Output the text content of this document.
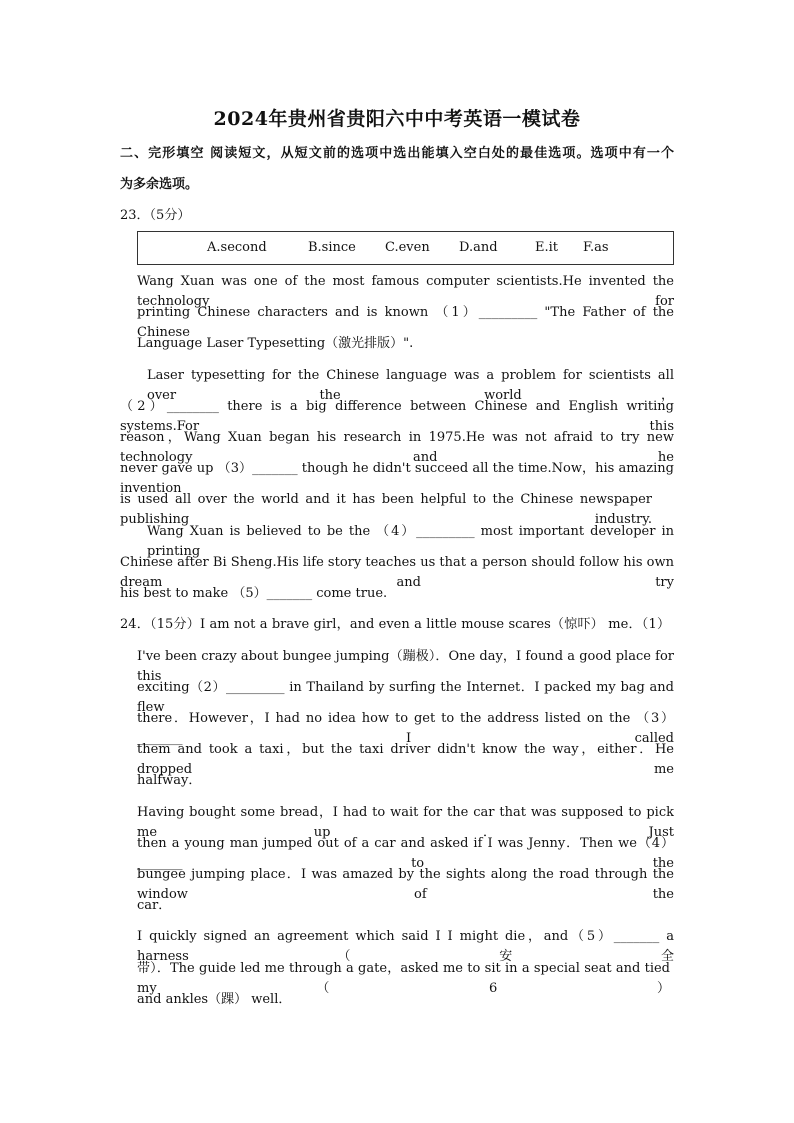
2024年贵州省贵阳六中中考英语一模试卷
二、完形填空 阅读短文，从短文前的选项中选出能填入空白处的最佳选项。选项中有一个
为多余选项。
23．（5分）
A.second	B.since C.even D.and	E.it F.as
Wang Xuan was one of the most famous computer scientists.He invented the technology for
printing Chinese characters and is known （1）_________ "The Father of the Chinese
Language Laser Typesetting（激光排版）".
Laser typesetting for the Chinese language was a problem for scientists all over the world，
（2）________ there is a big difference between Chinese and English writing systems.For this
reason，Wang Xuan began his research in 1975.He was not afraid to try new technology and he
never gave up （3）_______ though he didn't succeed all the time.Now，his amazing invention
is used all over the world and it has been helpful to the Chinese newspaper publishing industry.
Wang Xuan is believed to be the （4）_________ most important developer in printing
Chinese after Bi Sheng.His life story teaches us that a person should follow his own dream and try
his best to make （5）_______ come true.
24．（15分）I am not a brave girl，and even a little mouse scares（惊吓） me．（1）
I've been crazy about bungee jumping（蹦极）．One day，I found a good place for this
exciting（2）_________ in Thailand by surfing the Internet．I packed my bag and flew
there．However，I had no idea how to get to the address listed on the （3）_______ I called
them and took a taxi，but the taxi driver didn't know the way，either．He dropped me
halfway．
Having bought some bread，I had to wait for the car that was supposed to pick me up．Just
then a young man jumped out of a car and asked if I was Jenny．Then we（4）_______ to the
bungee jumping place．I was amazed by the sights along the road through the window of the
car．
I quickly signed an agreement which said I I might die，and（5）_______ a harness（安全
带）．The guide led me through a gate，asked me to sit in a special seat and tied my（6）
and ankles（踝） well．
